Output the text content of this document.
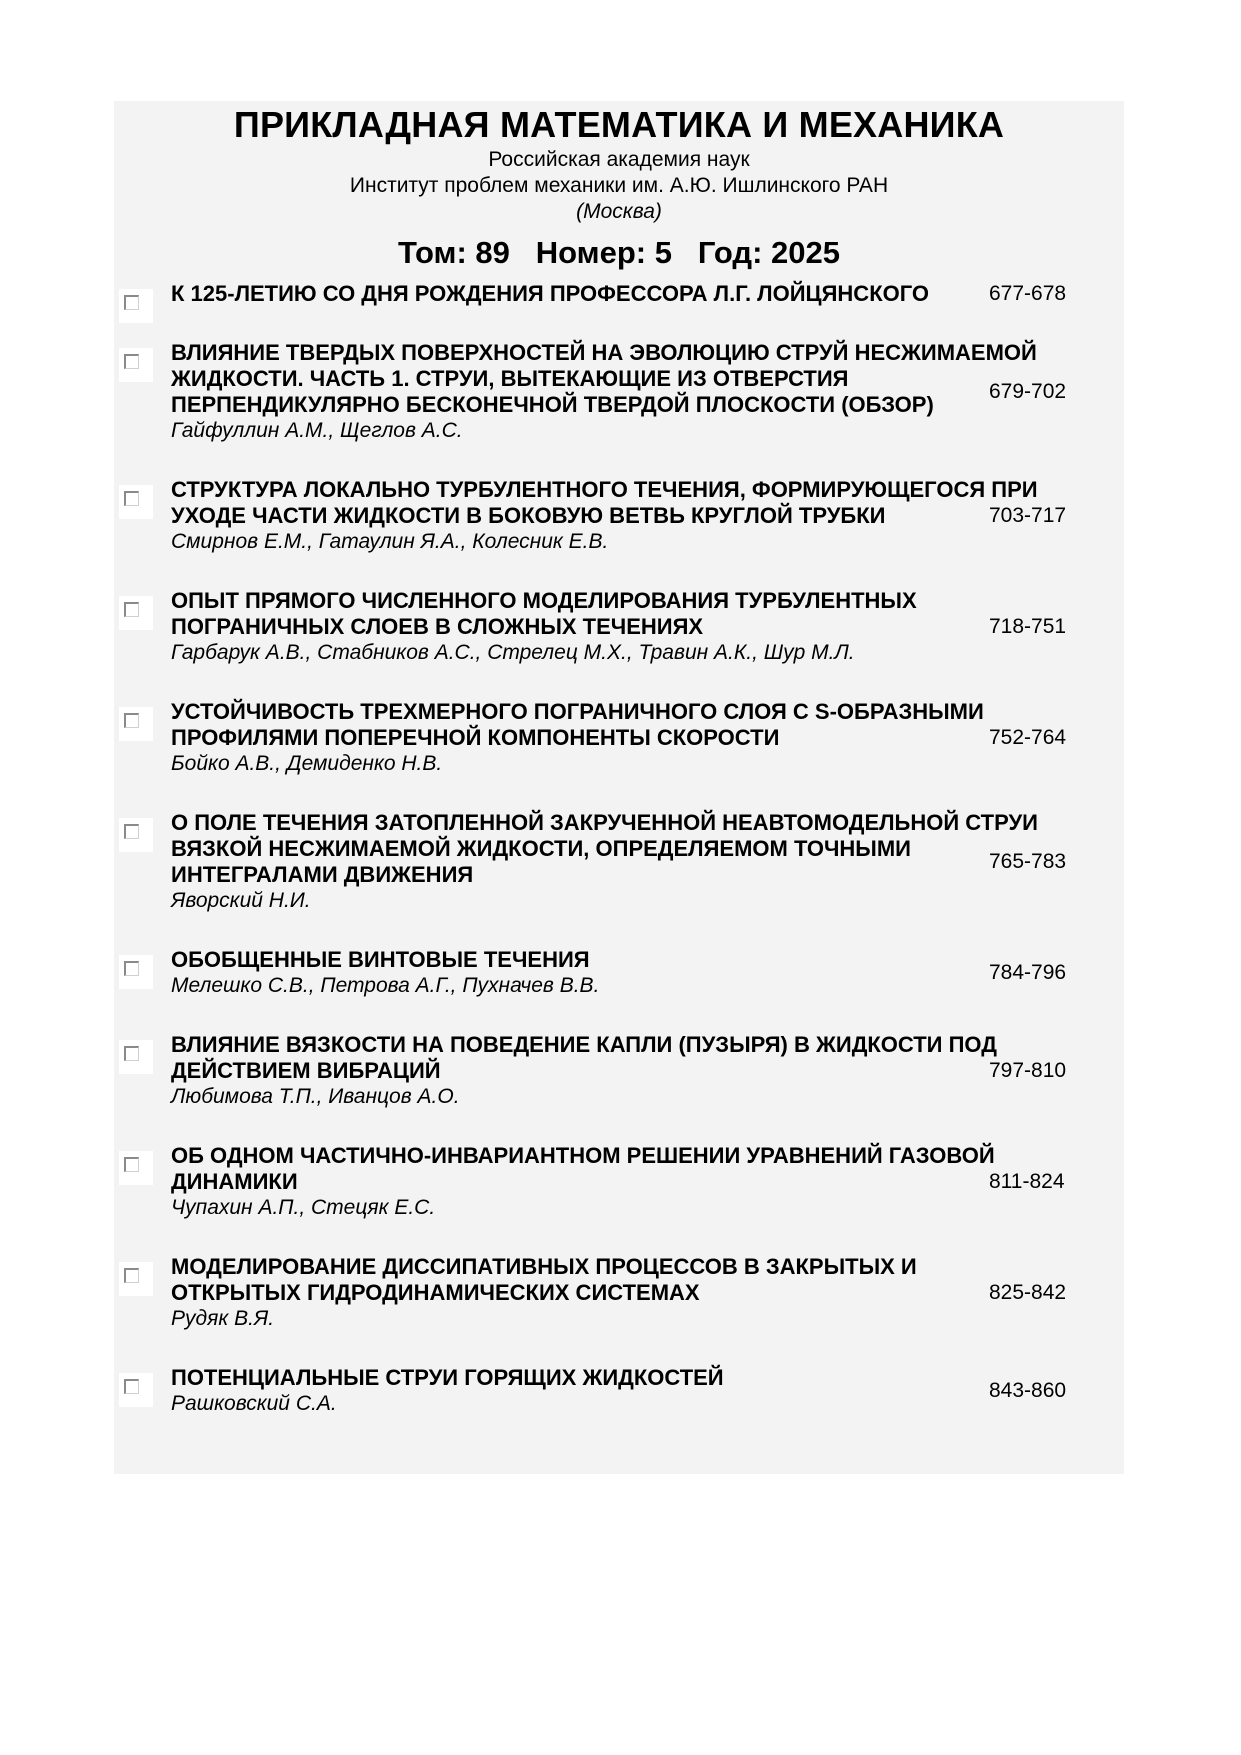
ПРИКЛАДНАЯ МАТЕМАТИКА И МЕХАНИКА
Российская академия наук
Институт проблем механики им. А.Ю. Ишлинского РАН
(Москва)
Том: 89 Номер: 5 Год: 2025
К 125-ЛЕТИЮ СО ДНЯ РОЖДЕНИЯ ПРОФЕССОРА Л.Г. ЛОЙЦЯНСКОГО	677-678
ВЛИЯНИЕ ТВЕРДЫХ ПОВЕРХНОСТЕЙ НА ЭВОЛЮЦИЮ СТРУЙ НЕСЖИМАЕМОЙ ЖИДКОСТИ. ЧАСТЬ 1. СТРУИ, ВЫТЕКАЮЩИЕ ИЗ ОТВЕРСТИЯ ПЕРПЕНДИКУЛЯРНО БЕСКОНЕЧНОЙ ТВЕРДОЙ ПЛОСКОСТИ (ОБЗОР)
Гайфуллин А.М., Щеглов А.С.
679-702
СТРУКТУРА ЛОКАЛЬНО ТУРБУЛЕНТНОГО ТЕЧЕНИЯ, ФОРМИРУЮЩЕГОСЯ ПРИ УХОДЕ ЧАСТИ ЖИДКОСТИ В БОКОВУЮ ВЕТВЬ КРУГЛОЙ ТРУБКИ
Смирнов Е.М., Гатаулин Я.А., Колесник Е.В.
703-717
ОПЫТ ПРЯМОГО ЧИСЛЕННОГО МОДЕЛИРОВАНИЯ ТУРБУЛЕНТНЫХ ПОГРАНИЧНЫХ СЛОЕВ В СЛОЖНЫХ ТЕЧЕНИЯХ
Гарбарук А.В., Стабников А.С., Стрелец М.Х., Травин А.К., Шур М.Л.
718-751
УСТОЙЧИВОСТЬ ТРЕХМЕРНОГО ПОГРАНИЧНОГО СЛОЯ С S-ОБРАЗНЫМИ ПРОФИЛЯМИ ПОПЕРЕЧНОЙ КОМПОНЕНТЫ СКОРОСТИ
Бойко А.В., Демиденко Н.В.
752-764
О ПОЛЕ ТЕЧЕНИЯ ЗАТОПЛЕННОЙ ЗАКРУЧЕННОЙ НЕАВТОМОДЕЛЬНОЙ СТРУИ ВЯЗКОЙ НЕСЖИМАЕМОЙ ЖИДКОСТИ, ОПРЕДЕЛЯЕМОМ ТОЧНЫМИ ИНТЕГРАЛАМИ ДВИЖЕНИЯ
Яворский Н.И.
765-783
ОБОБЩЕННЫЕ ВИНТОВЫЕ ТЕЧЕНИЯ
Мелешко С.В., Петрова А.Г., Пухначев В.В.
784-796
ВЛИЯНИЕ ВЯЗКОСТИ НА ПОВЕДЕНИЕ КАПЛИ (ПУЗЫРЯ) В ЖИДКОСТИ ПОД ДЕЙСТВИЕМ ВИБРАЦИЙ
Любимова Т.П., Иванцов А.О.
797-810
ОБ ОДНОМ ЧАСТИЧНО-ИНВАРИАНТНОМ РЕШЕНИИ УРАВНЕНИЙ ГАЗОВОЙ ДИНАМИКИ
Чупахин А.П., Стецяк Е.С.
811-824
МОДЕЛИРОВАНИЕ ДИССИПАТИВНЫХ ПРОЦЕССОВ В ЗАКРЫТЫХ И ОТКРЫТЫХ ГИДРОДИНАМИЧЕСКИХ СИСТЕМАХ
Рудяк В.Я.
825-842
ПОТЕНЦИАЛЬНЫЕ СТРУИ ГОРЯЩИХ ЖИДКОСТЕЙ
Рашковский С.А.
843-860
